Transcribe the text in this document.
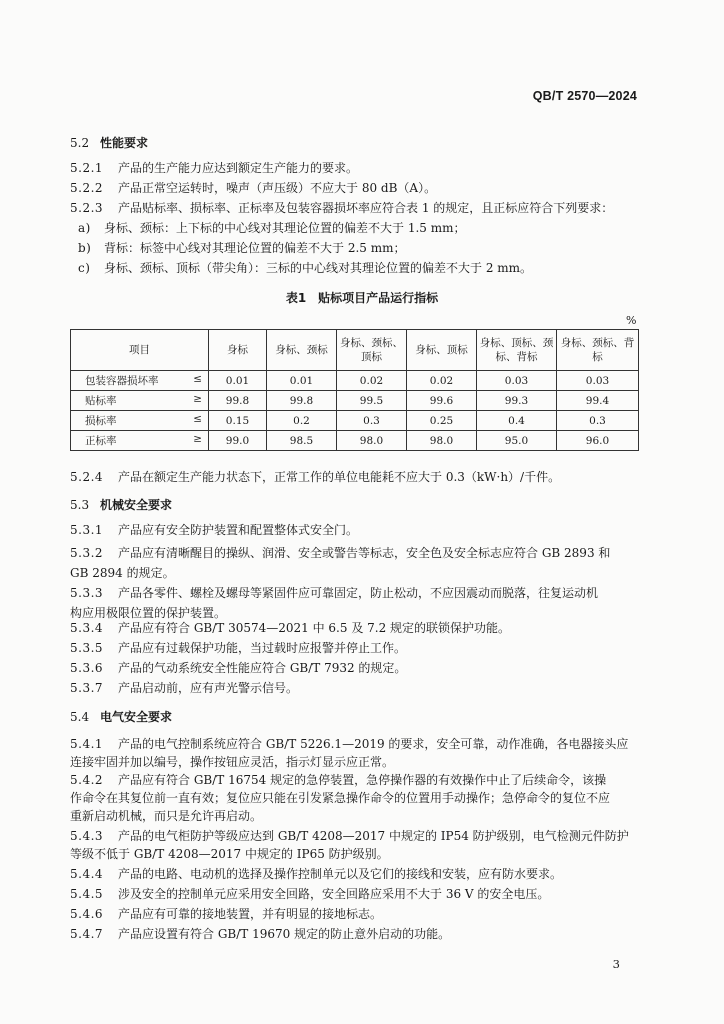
QB/T 2570—2024
5.2 性能要求
5.2.1 产品的生产能力应达到额定生产能力的要求。
5.2.2 产品正常空运转时，噪声（声压级）不应大于 80 dB（A）。
5.2.3 产品贴标率、损标率、正标率及包装容器损坏率应符合表 1 的规定，且正标应符合下列要求：
a) 身标、颈标：上下标的中心线对其理论位置的偏差不大于 1.5 mm；
b) 背标：标签中心线对其理论位置的偏差不大于 2.5 mm；
c) 身标、颈标、顶标（带尖角）：三标的中心线对其理论位置的偏差不大于 2 mm。
表1　贴标项目产品运行指标
%
项目	身标	身标、颈标	身标、颈标、顶标	身标、顶标	身标、顶标、颈标、背标	身标、颈标、背标
包装容器损坏率 ≤	0.01	0.01	0.02	0.02	0.03	0.03
贴标率 ≥	99.8	99.8	99.5	99.6	99.3	99.4
损标率 ≤	0.15	0.2	0.3	0.25	0.4	0.3
正标率 ≥	99.0	98.5	98.0	98.0	95.0	96.0
5.2.4 产品在额定生产能力状态下，正常工作的单位电能耗不应大于 0.3（kW·h）/千件。
5.3 机械安全要求
5.3.1 产品应有安全防护装置和配置整体式安全门。
5.3.2 产品应有清晰醒目的操纵、润滑、安全或警告等标志，安全色及安全标志应符合 GB 2893 和
GB 2894 的规定。
5.3.3 产品各零件、螺栓及螺母等紧固件应可靠固定，防止松动，不应因震动而脱落，往复运动机
构应用极限位置的保护装置。
5.3.4 产品应有符合 GB/T 30574—2021 中 6.5 及 7.2 规定的联锁保护功能。
5.3.5 产品应有过载保护功能，当过载时应报警并停止工作。
5.3.6 产品的气动系统安全性能应符合 GB/T 7932 的规定。
5.3.7 产品启动前，应有声光警示信号。
5.4 电气安全要求
5.4.1 产品的电气控制系统应符合 GB/T 5226.1—2019 的要求，安全可靠，动作准确，各电器接头应
连接牢固并加以编号，操作按钮应灵活，指示灯显示应正常。
5.4.2 产品应有符合 GB/T 16754 规定的急停装置，急停操作器的有效操作中止了后续命令，该操
作命令在其复位前一直有效；复位应只能在引发紧急操作命令的位置用手动操作；急停命令的复位不应
重新启动机械，而只是允许再启动。
5.4.3 产品的电气柜防护等级应达到 GB/T 4208—2017 中规定的 IP54 防护级别，电气检测元件防护
等级不低于 GB/T 4208—2017 中规定的 IP65 防护级别。
5.4.4 产品的电路、电动机的选择及操作控制单元以及它们的接线和安装，应有防水要求。
5.4.5 涉及安全的控制单元应采用安全回路，安全回路应采用不大于 36 V 的安全电压。
5.4.6 产品应有可靠的接地装置，并有明显的接地标志。
5.4.7 产品应设置有符合 GB/T 19670 规定的防止意外启动的功能。
3
